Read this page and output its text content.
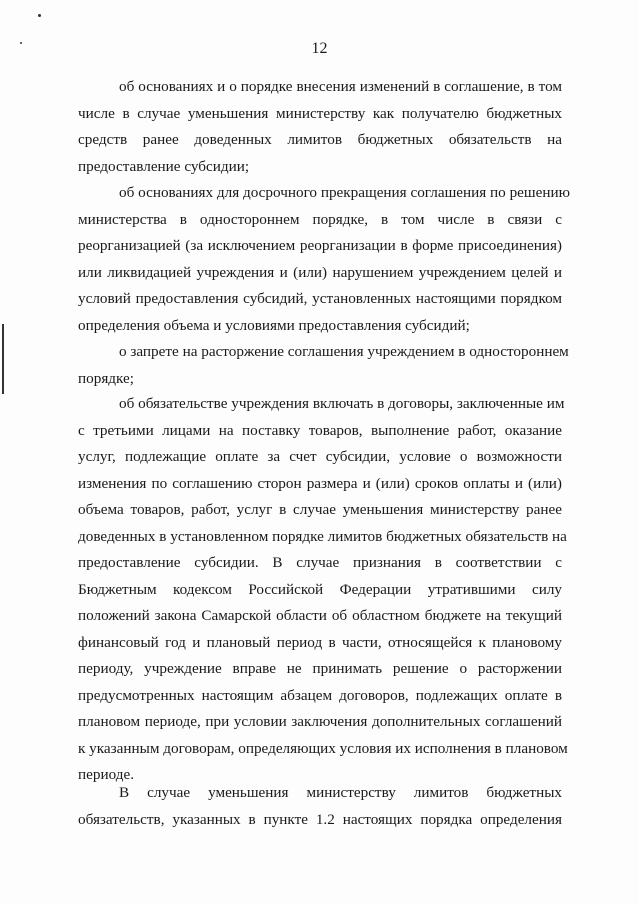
12
об основаниях и о порядке внесения изменений в соглашение, в том
числе в случае уменьшения министерству как получателю бюджетных
средств ранее доведенных лимитов бюджетных обязательств на
предоставление субсидии;
об основаниях для досрочного прекращения соглашения по решению
министерства в одностороннем порядке, в том числе в связи с
реорганизацией (за исключением реорганизации в форме присоединения)
или ликвидацией учреждения и (или) нарушением учреждением целей и
условий предоставления субсидий, установленных настоящими порядком
определения объема и условиями предоставления субсидий;
о запрете на расторжение соглашения учреждением в одностороннем
порядке;
об обязательстве учреждения включать в договоры, заключенные им
с третьими лицами на поставку товаров, выполнение работ, оказание
услуг, подлежащие оплате за счет субсидии, условие о возможности
изменения по соглашению сторон размера и (или) сроков оплаты и (или)
объема товаров, работ, услуг в случае уменьшения министерству ранее
доведенных в установленном порядке лимитов бюджетных обязательств на
предоставление субсидии. В случае признания в соответствии с
Бюджетным кодексом Российской Федерации утратившими силу
положений закона Самарской области об областном бюджете на текущий
финансовый год и плановый период в части, относящейся к плановому
периоду, учреждение вправе не принимать решение о расторжении
предусмотренных настоящим абзацем договоров, подлежащих оплате в
плановом периоде, при условии заключения дополнительных соглашений
к указанным договорам, определяющих условия их исполнения в плановом
периоде.
В случае уменьшения министерству лимитов бюджетных
обязательств, указанных в пункте 1.2 настоящих порядка определения
